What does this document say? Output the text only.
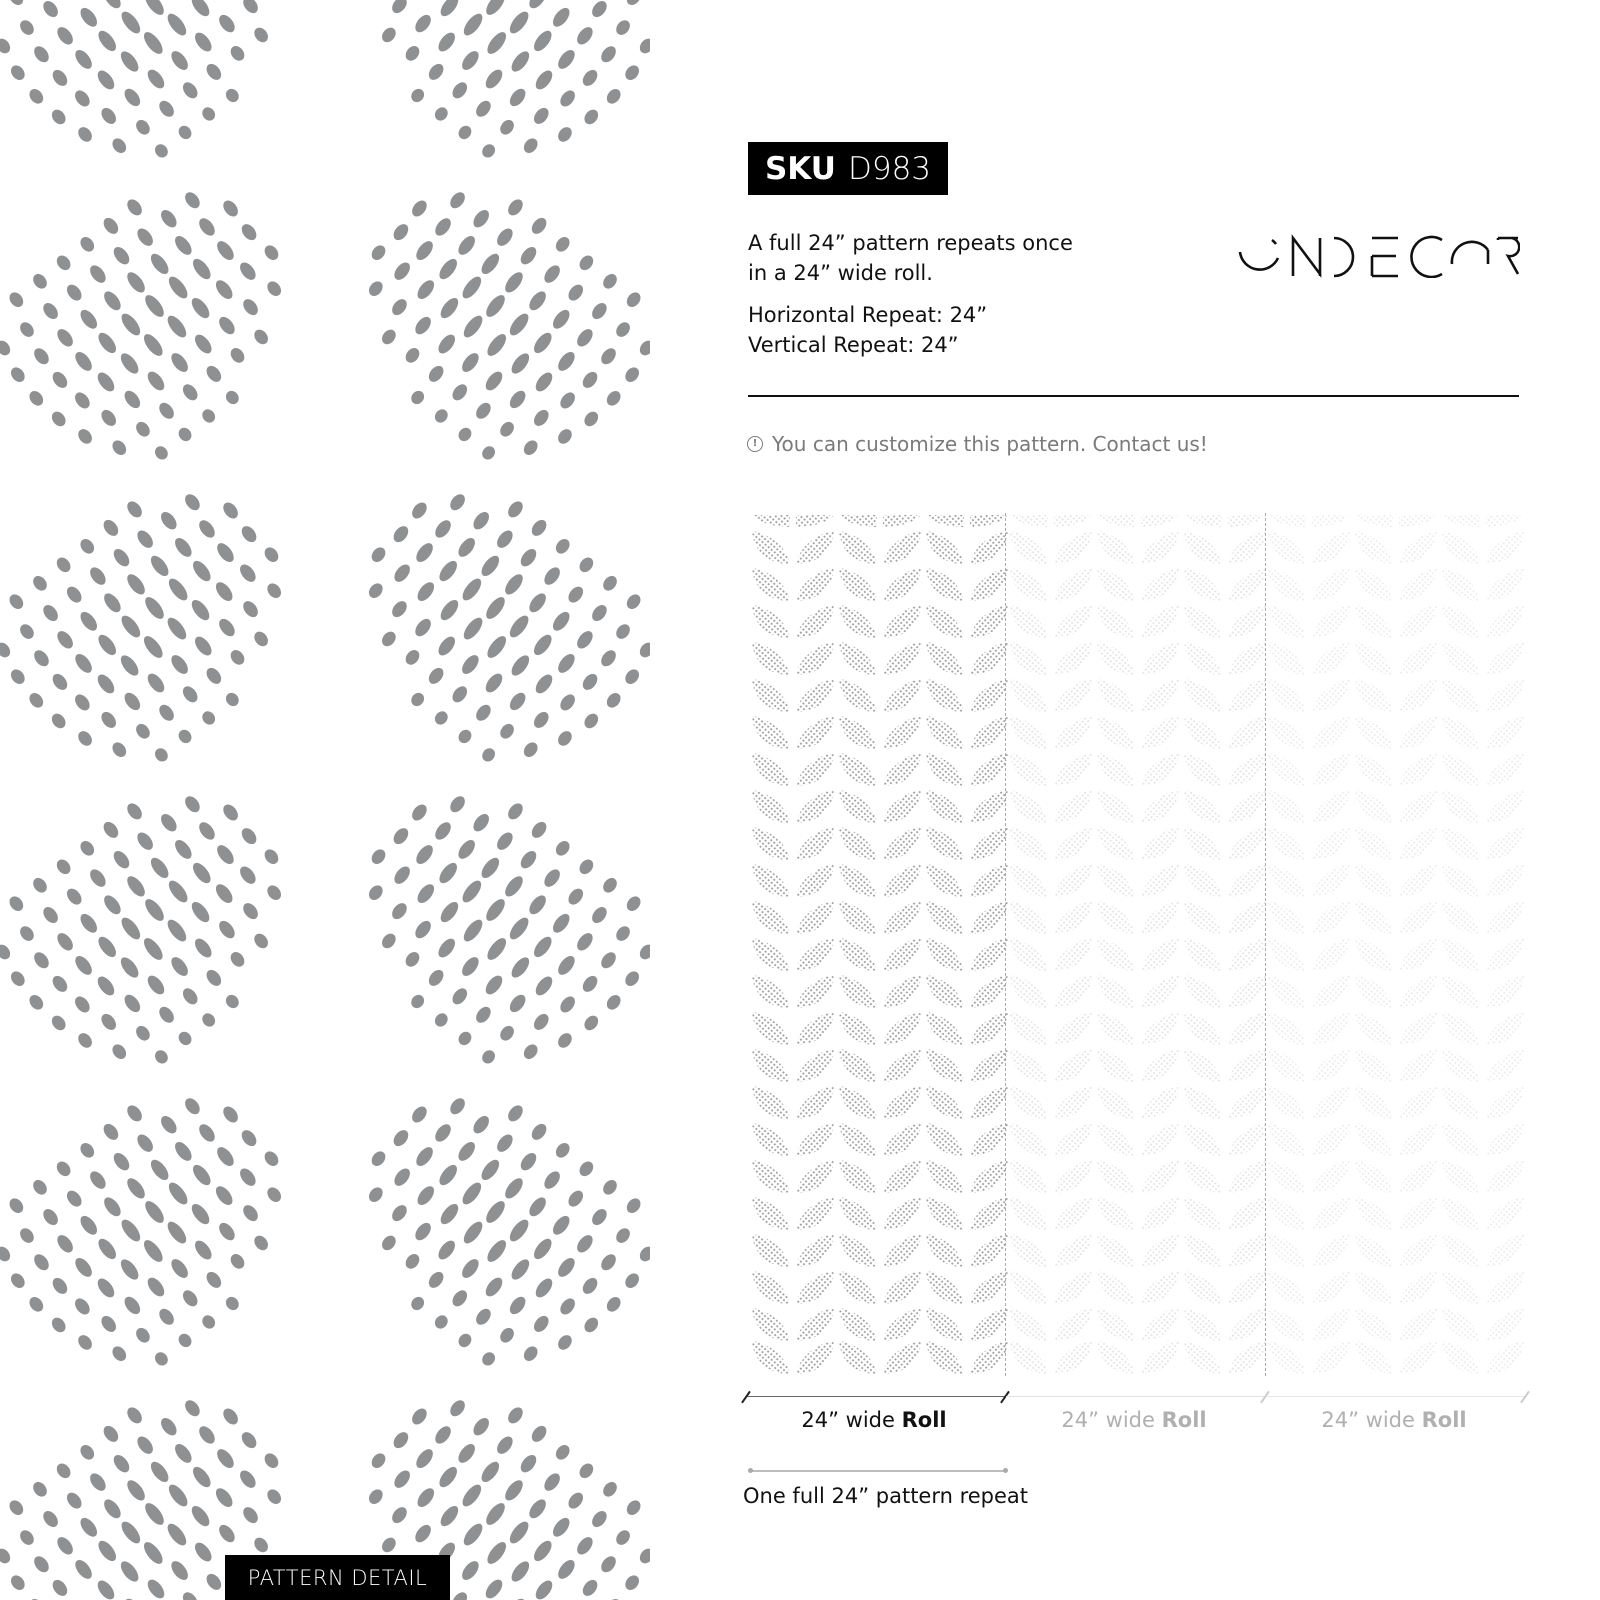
PATTERN DETAIL
SKU D983
A full 24” pattern repeats once
in a 24” wide roll.
Horizontal Repeat: 24”
Vertical Repeat: 24”
! You can customize this pattern. Contact us!
24” wide Roll	24” wide Roll	24” wide Roll
One full 24” pattern repeat
